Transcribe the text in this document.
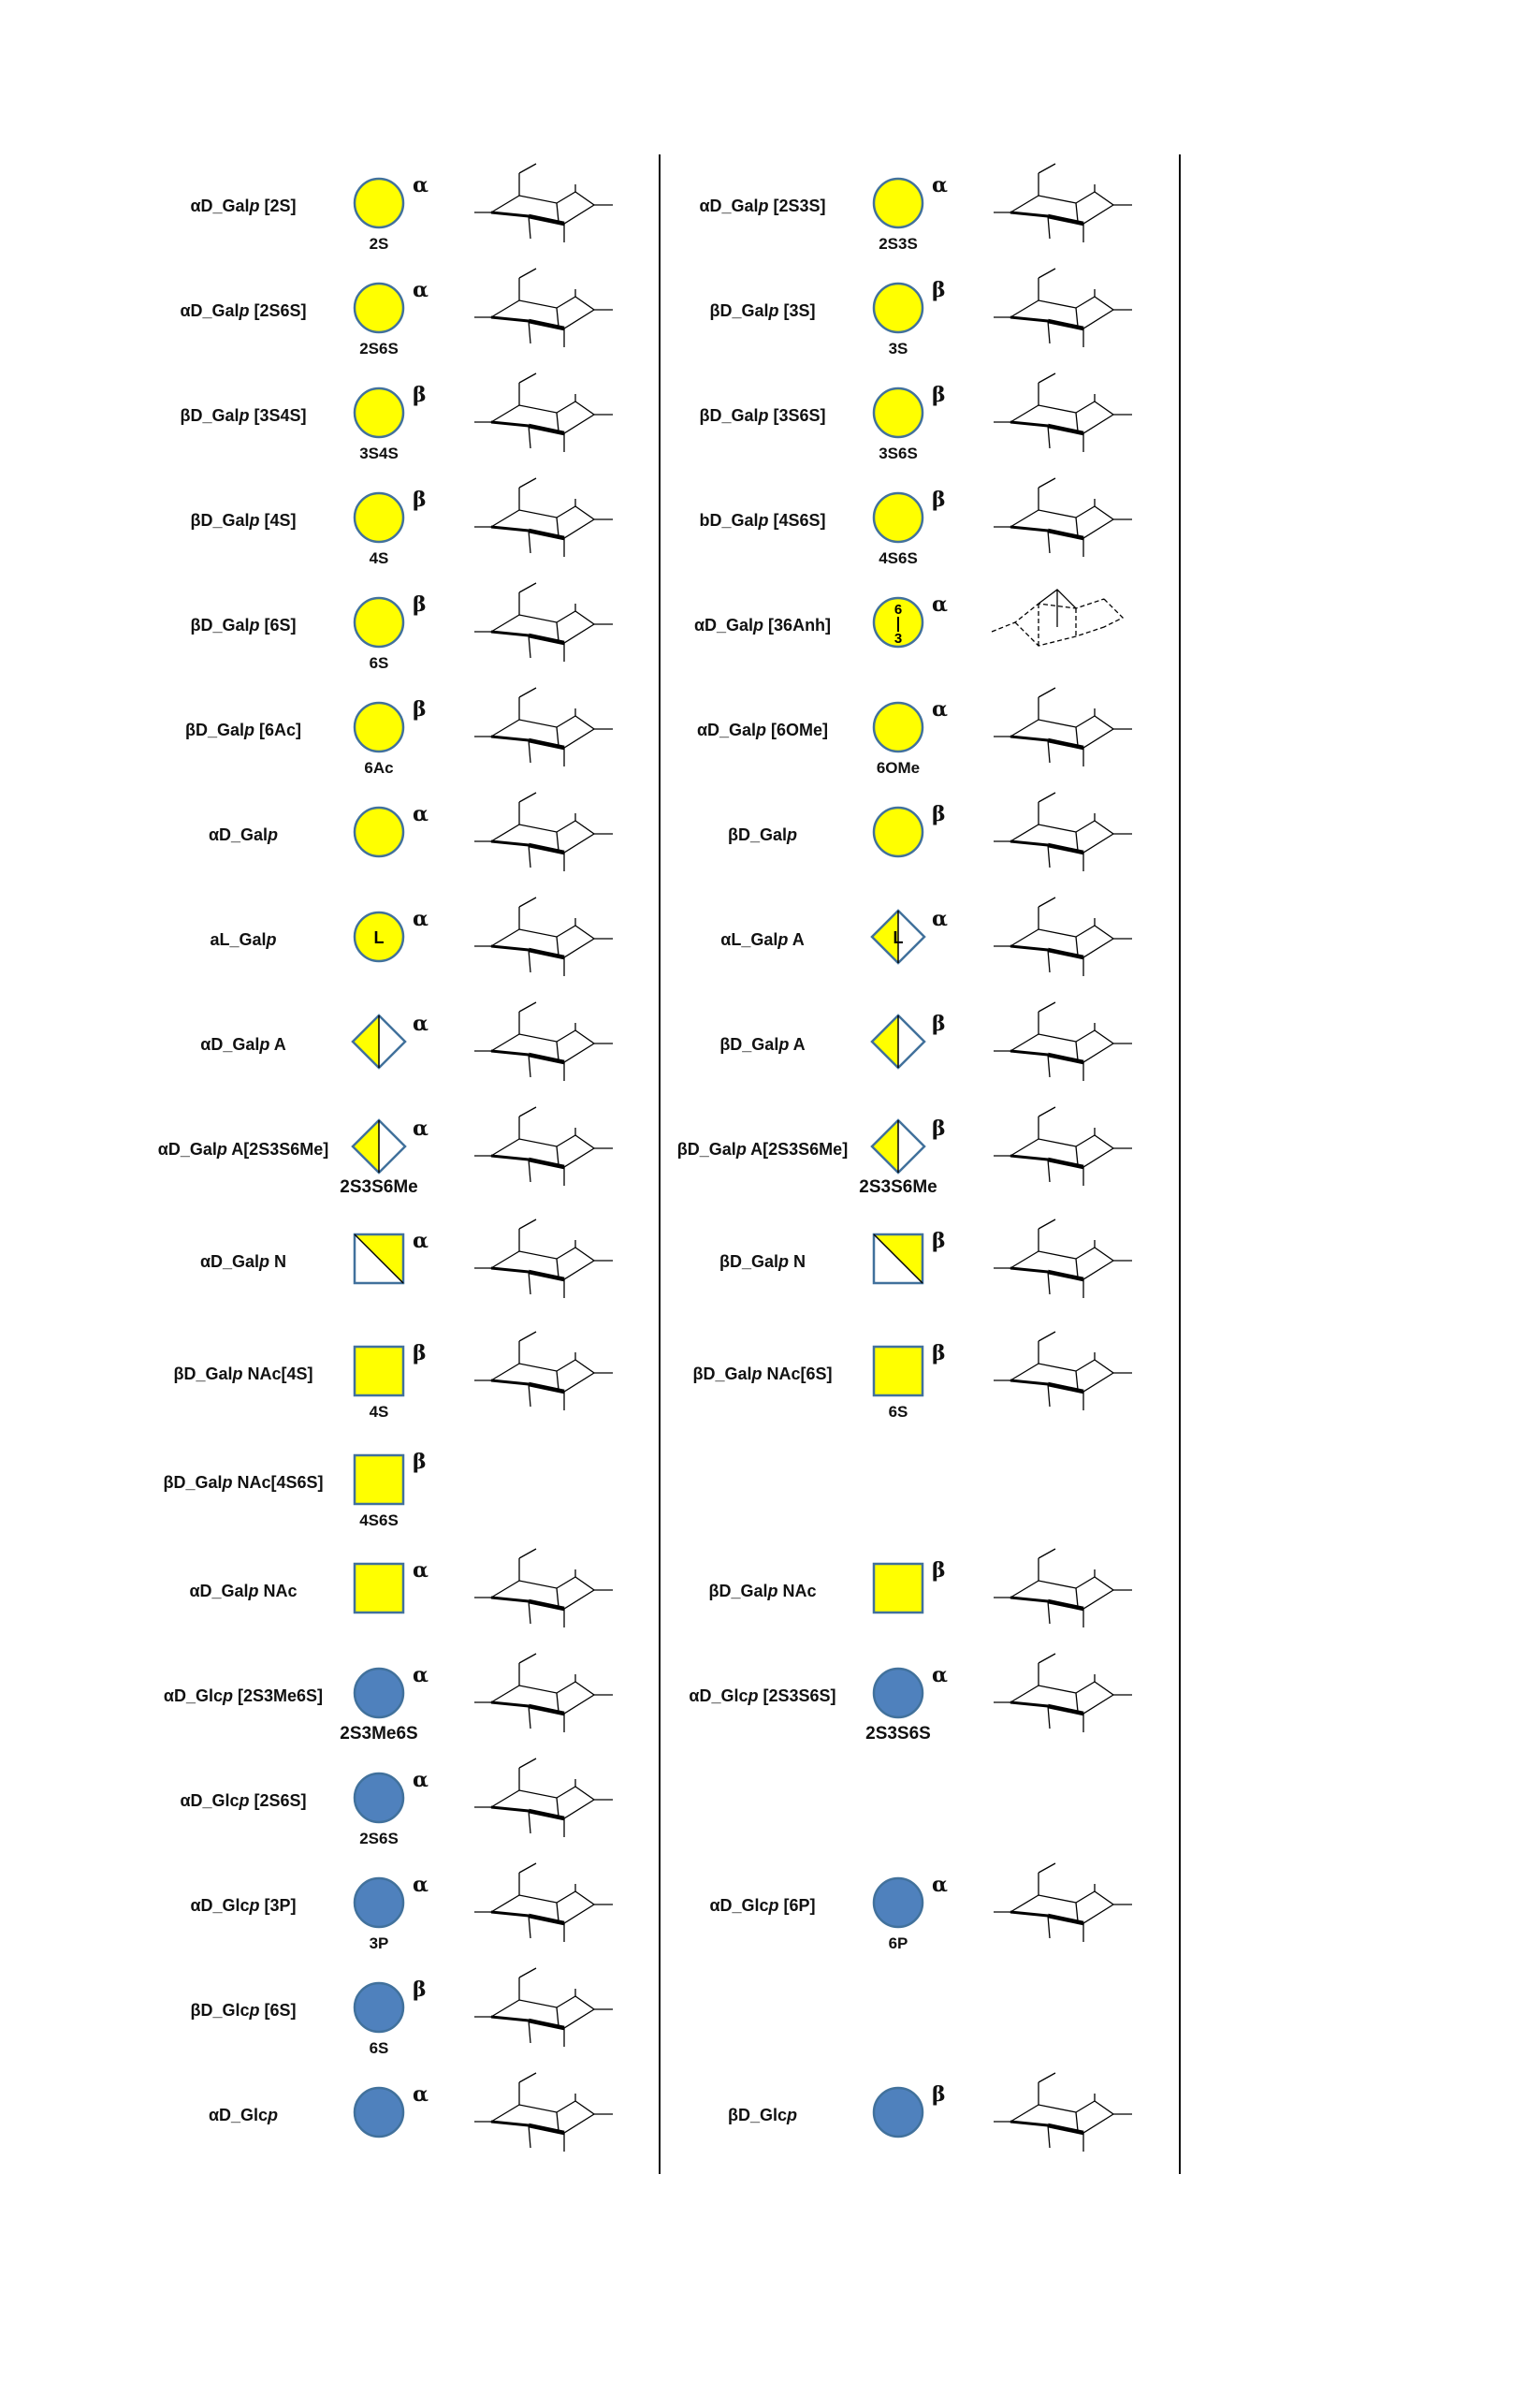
αD_Galp [2S]
α
2S
αD_Galp [2S3S]
α
2S3S
αD_Galp [2S6S]
α
2S6S
βD_Galp [3S]
β
3S
βD_Galp [3S4S]
β
3S4S
βD_Galp [3S6S]
β
3S6S
βD_Galp [4S]
β
4S
bD_Galp [4S6S]
β
4S6S
βD_Galp [6S]
β
6S
αD_Galp [36Anh]
6
3
α
βD_Galp [6Ac]
β
6Ac
αD_Galp [6OMe]
α
6OMe
αD_Galp
α
βD_Galp
β
aL_Galp	L
α
αL_Galp A	L
α
αD_Galp A
α
βD_Galp A
β
αD_Galp A[2S3S6Me]
α
2S3S6Me
βD_Galp A[2S3S6Me]
β
2S3S6Me
αD_Galp N
α
βD_Galp N
β
βD_Galp NAc[4S]
β
4S
βD_Galp NAc[6S]
β
6S
βD_Galp NAc[4S6S]
β
4S6S
αD_Galp NAc
α
βD_Galp NAc
β
αD_Glcp [2S3Me6S]
α
2S3Me6S
αD_Glcp [2S3S6S]
α
2S3S6S
αD_Glcp [2S6S]
α
2S6S
αD_Glcp [3P]
α
3P
αD_Glcp [6P]
α
6P
βD_Glcp [6S]
β
6S
αD_Glcp
α
βD_Glcp
β
